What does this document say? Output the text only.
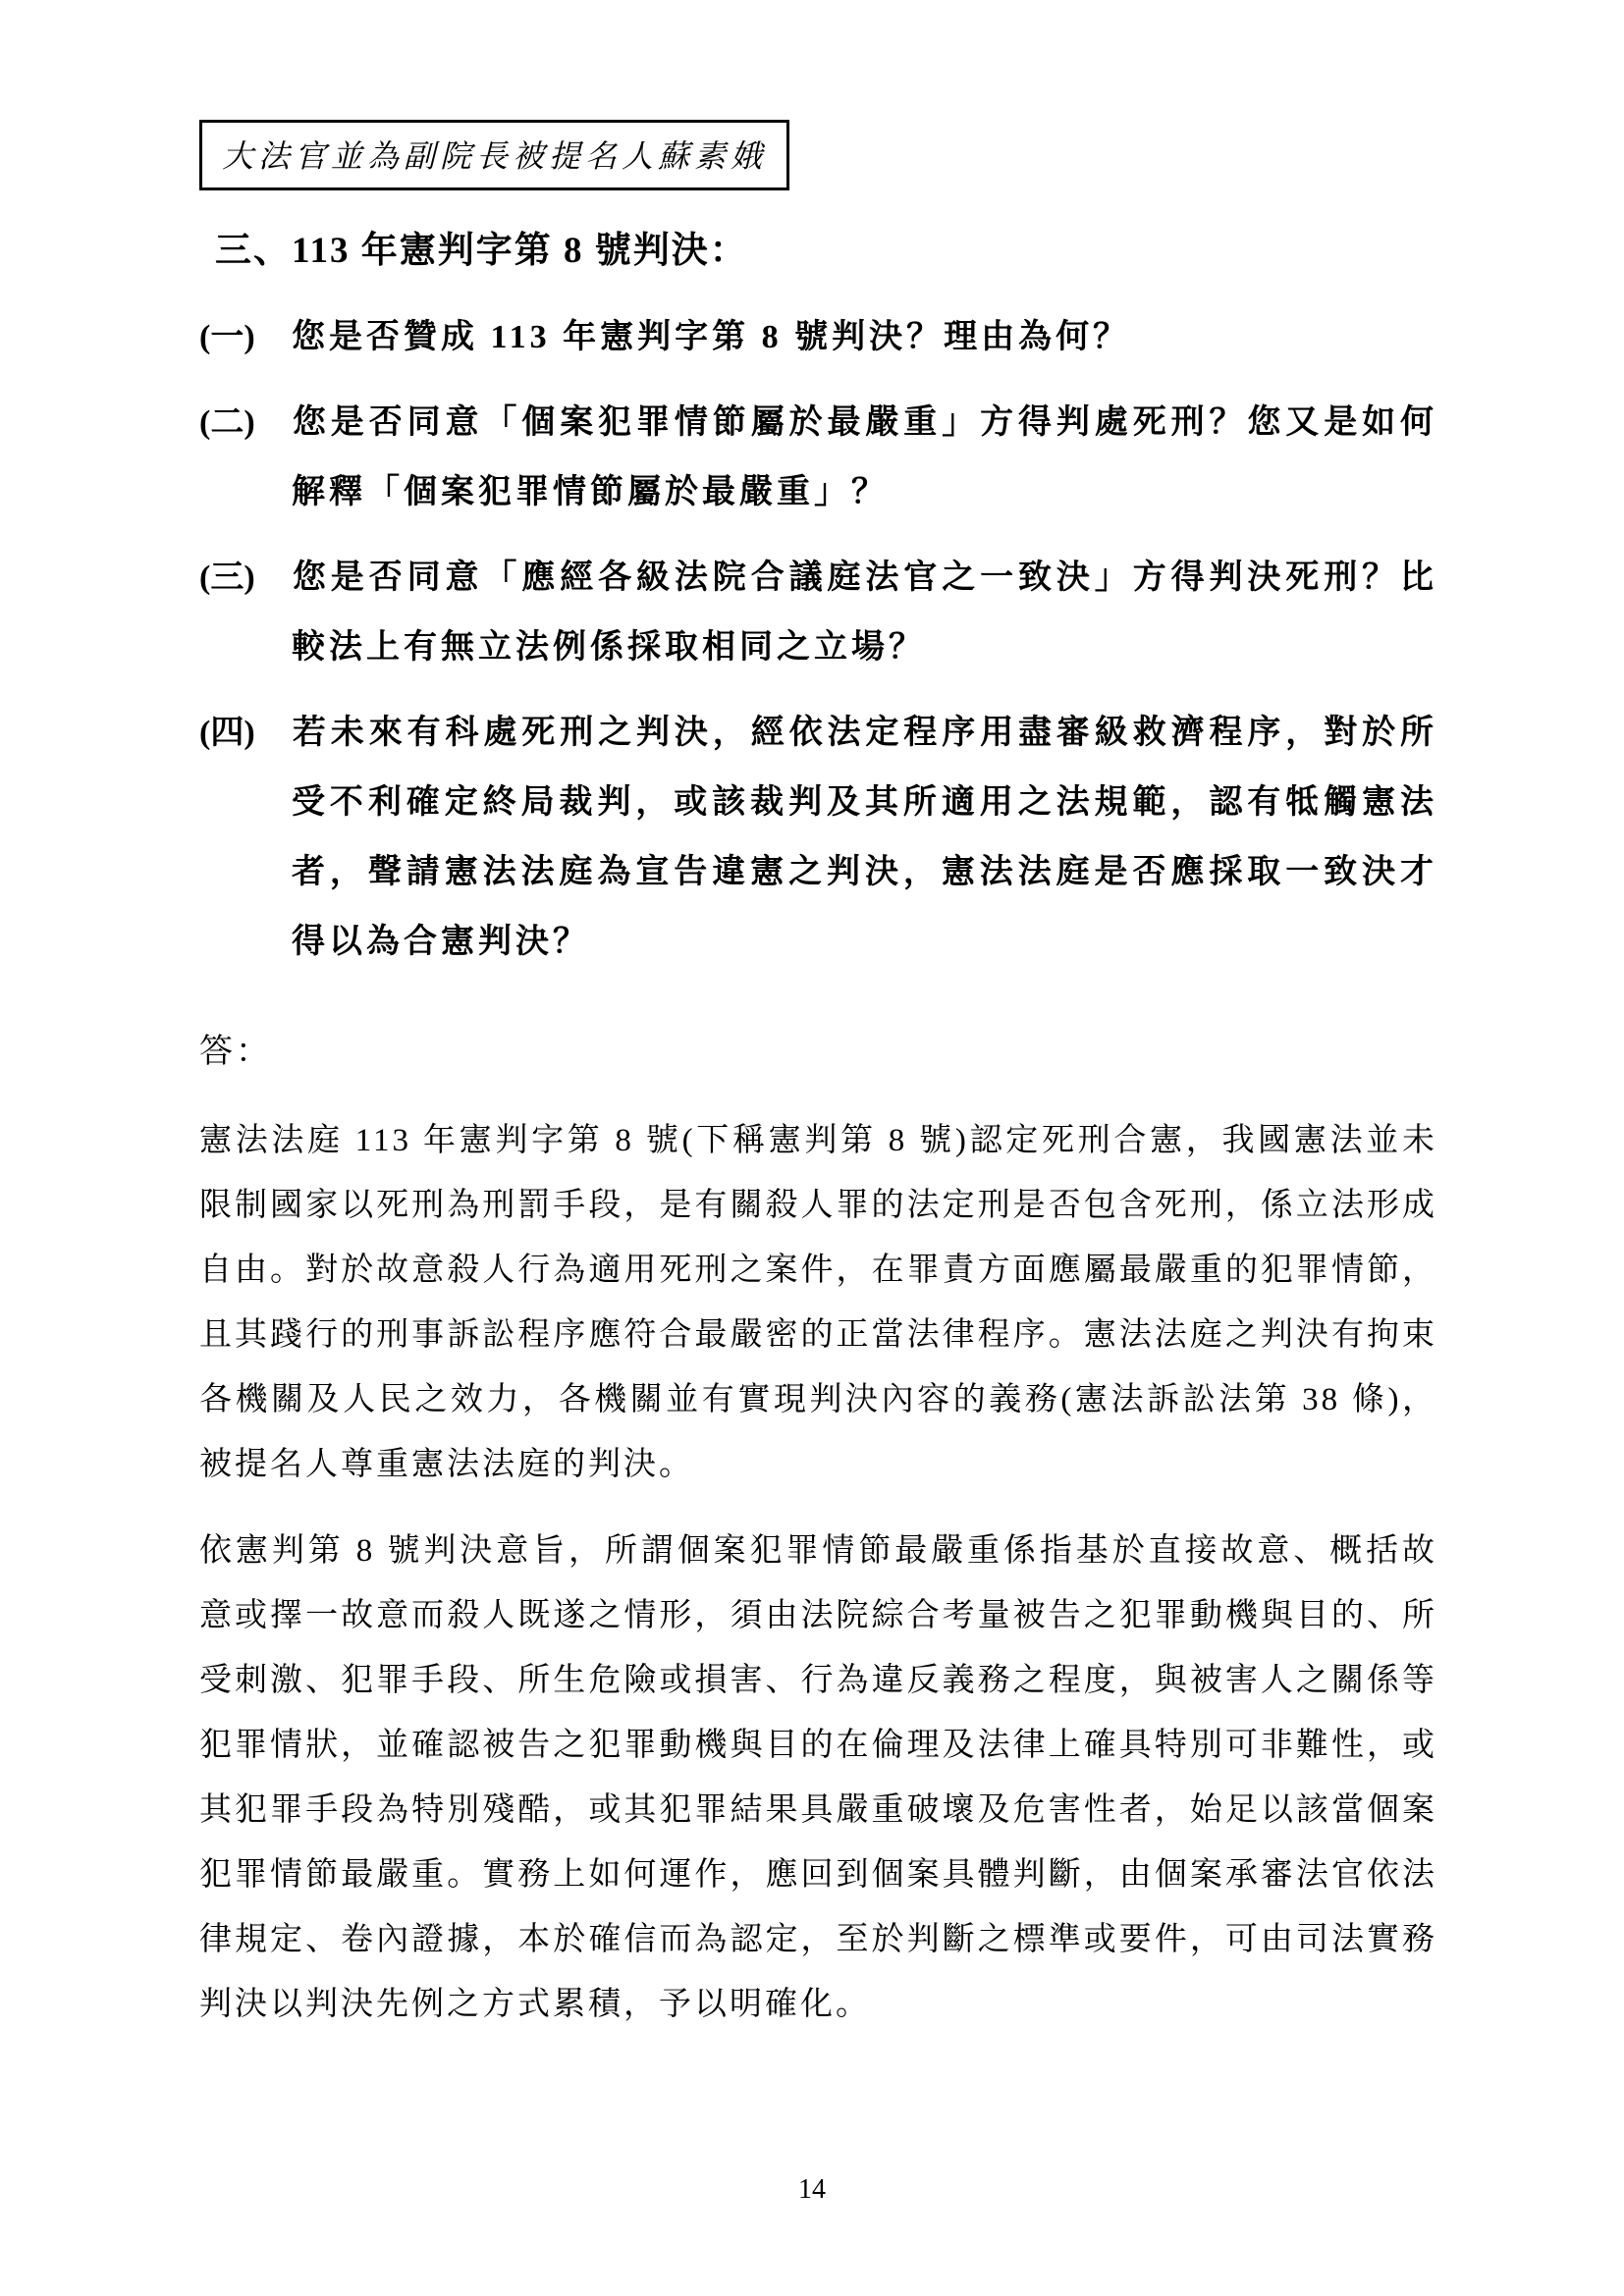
大法官並為副院長被提名人蘇素娥
三、113 年憲判字第 8 號判決：
(一) 您是否贊成 113 年憲判字第 8 號判決？理由為何？
(二) 您是否同意「個案犯罪情節屬於最嚴重」方得判處死刑？您又是如何解釋「個案犯罪情節屬於最嚴重」？
(三) 您是否同意「應經各級法院合議庭法官之一致決」方得判決死刑？比較法上有無立法例係採取相同之立場？
(四) 若未來有科處死刑之判決，經依法定程序用盡審級救濟程序，對於所受不利確定終局裁判，或該裁判及其所適用之法規範，認有牴觸憲法者，聲請憲法法庭為宣告違憲之判決，憲法法庭是否應採取一致決才得以為合憲判決？
答：
憲法法庭 113 年憲判字第 8 號(下稱憲判第 8 號)認定死刑合憲，我國憲法並未限制國家以死刑為刑罰手段，是有關殺人罪的法定刑是否包含死刑，係立法形成自由。對於故意殺人行為適用死刑之案件，在罪責方面應屬最嚴重的犯罪情節，且其踐行的刑事訴訟程序應符合最嚴密的正當法律程序。憲法法庭之判決有拘束各機關及人民之效力，各機關並有實現判決內容的義務(憲法訴訟法第 38 條)，被提名人尊重憲法法庭的判決。
依憲判第 8 號判決意旨，所謂個案犯罪情節最嚴重係指基於直接故意、概括故意或擇一故意而殺人既遂之情形，須由法院綜合考量被告之犯罪動機與目的、所受刺激、犯罪手段、所生危險或損害、行為違反義務之程度，與被害人之關係等犯罪情狀，並確認被告之犯罪動機與目的在倫理及法律上確具特別可非難性，或其犯罪手段為特別殘酷，或其犯罪結果具嚴重破壞及危害性者，始足以該當個案犯罪情節最嚴重。實務上如何運作，應回到個案具體判斷，由個案承審法官依法律規定、卷內證據，本於確信而為認定，至於判斷之標準或要件，可由司法實務判決以判決先例之方式累積，予以明確化。
14
